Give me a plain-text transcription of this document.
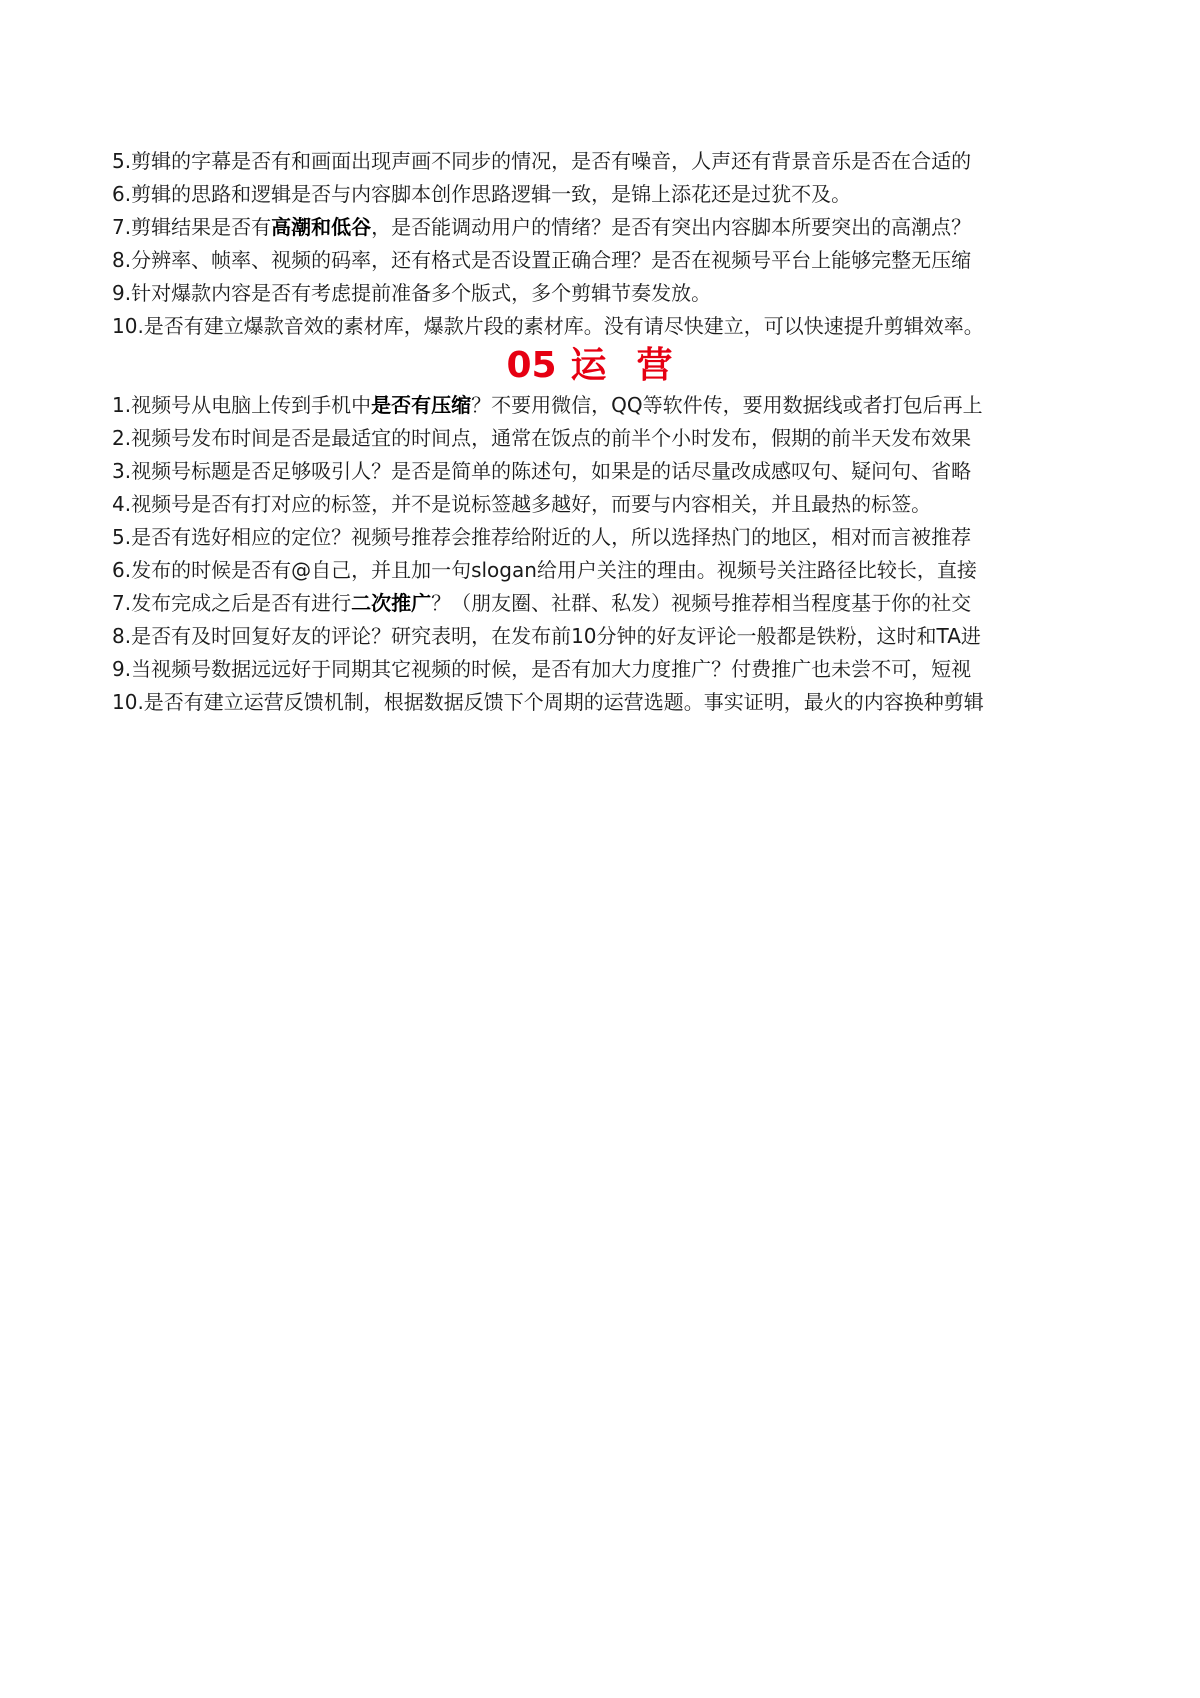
5.剪辑的字幕是否有和画面出现声画不同步的情况，是否有噪音，人声还有背景音乐是否在合适的
6.剪辑的思路和逻辑是否与内容脚本创作思路逻辑一致，是锦上添花还是过犹不及。
7.剪辑结果是否有高潮和低谷，是否能调动用户的情绪？是否有突出内容脚本所要突出的高潮点？
8.分辨率、帧率、视频的码率，还有格式是否设置正确合理？是否在视频号平台上能够完整无压缩
9.针对爆款内容是否有考虑提前准备多个版式，多个剪辑节奏发放。
10.是否有建立爆款音效的素材库，爆款片段的素材库。没有请尽快建立，可以快速提升剪辑效率。
05 运营
1.视频号从电脑上传到手机中是否有压缩？不要用微信，QQ等软件传，要用数据线或者打包后再上
2.视频号发布时间是否是最适宜的时间点，通常在饭点的前半个小时发布，假期的前半天发布效果
3.视频号标题是否足够吸引人？是否是简单的陈述句，如果是的话尽量改成感叹句、疑问句、省略
4.视频号是否有打对应的标签，并不是说标签越多越好，而要与内容相关，并且最热的标签。
5.是否有选好相应的定位？视频号推荐会推荐给附近的人，所以选择热门的地区，相对而言被推荐
6.发布的时候是否有@自己，并且加一句slogan给用户关注的理由。视频号关注路径比较长，直接
7.发布完成之后是否有进行二次推广？（朋友圈、社群、私发）视频号推荐相当程度基于你的社交
8.是否有及时回复好友的评论？研究表明，在发布前10分钟的好友评论一般都是铁粉，这时和TA进
9.当视频号数据远远好于同期其它视频的时候，是否有加大力度推广？付费推广也未尝不可，短视
10.是否有建立运营反馈机制，根据数据反馈下个周期的运营选题。事实证明，最火的内容换种剪辑
